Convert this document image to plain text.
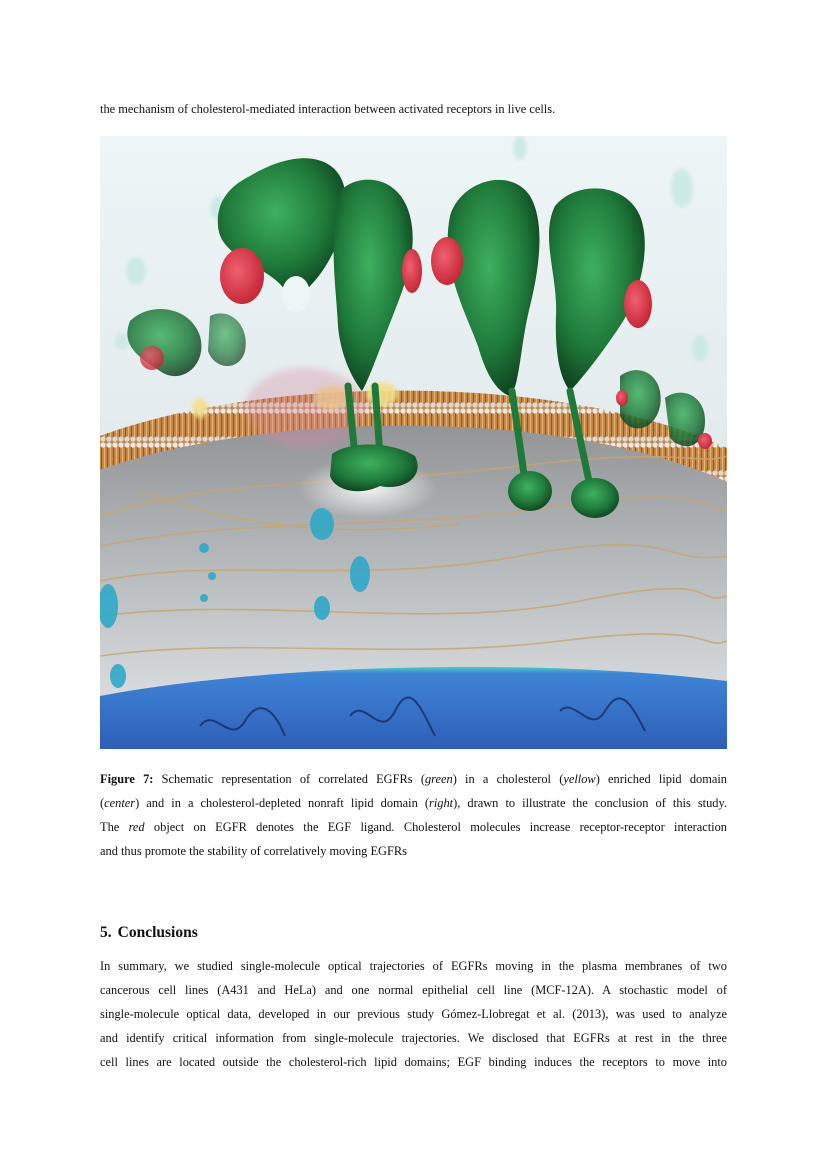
the mechanism of cholesterol-mediated interaction between activated receptors in live cells.
Figure 7: Schematic representation of correlated EGFRs (green) in a cholesterol (yellow) enriched lipid domain
(center) and in a cholesterol-depleted nonraft lipid domain (right), drawn to illustrate the conclusion of this study.
The red object on EGFR denotes the EGF ligand. Cholesterol molecules increase receptor-receptor interaction
and thus promote the stability of correlatively moving EGFRs
5. Conclusions
In summary, we studied single-molecule optical trajectories of EGFRs moving in the plasma membranes of two
cancerous cell lines (A431 and HeLa) and one normal epithelial cell line (MCF-12A). A stochastic model of
single-molecule optical data, developed in our previous study Gómez-Llobregat et al. (2013), was used to analyze
and identify critical information from single-molecule trajectories. We disclosed that EGFRs at rest in the three
cell lines are located outside the cholesterol-rich lipid domains; EGF binding induces the receptors to move into
